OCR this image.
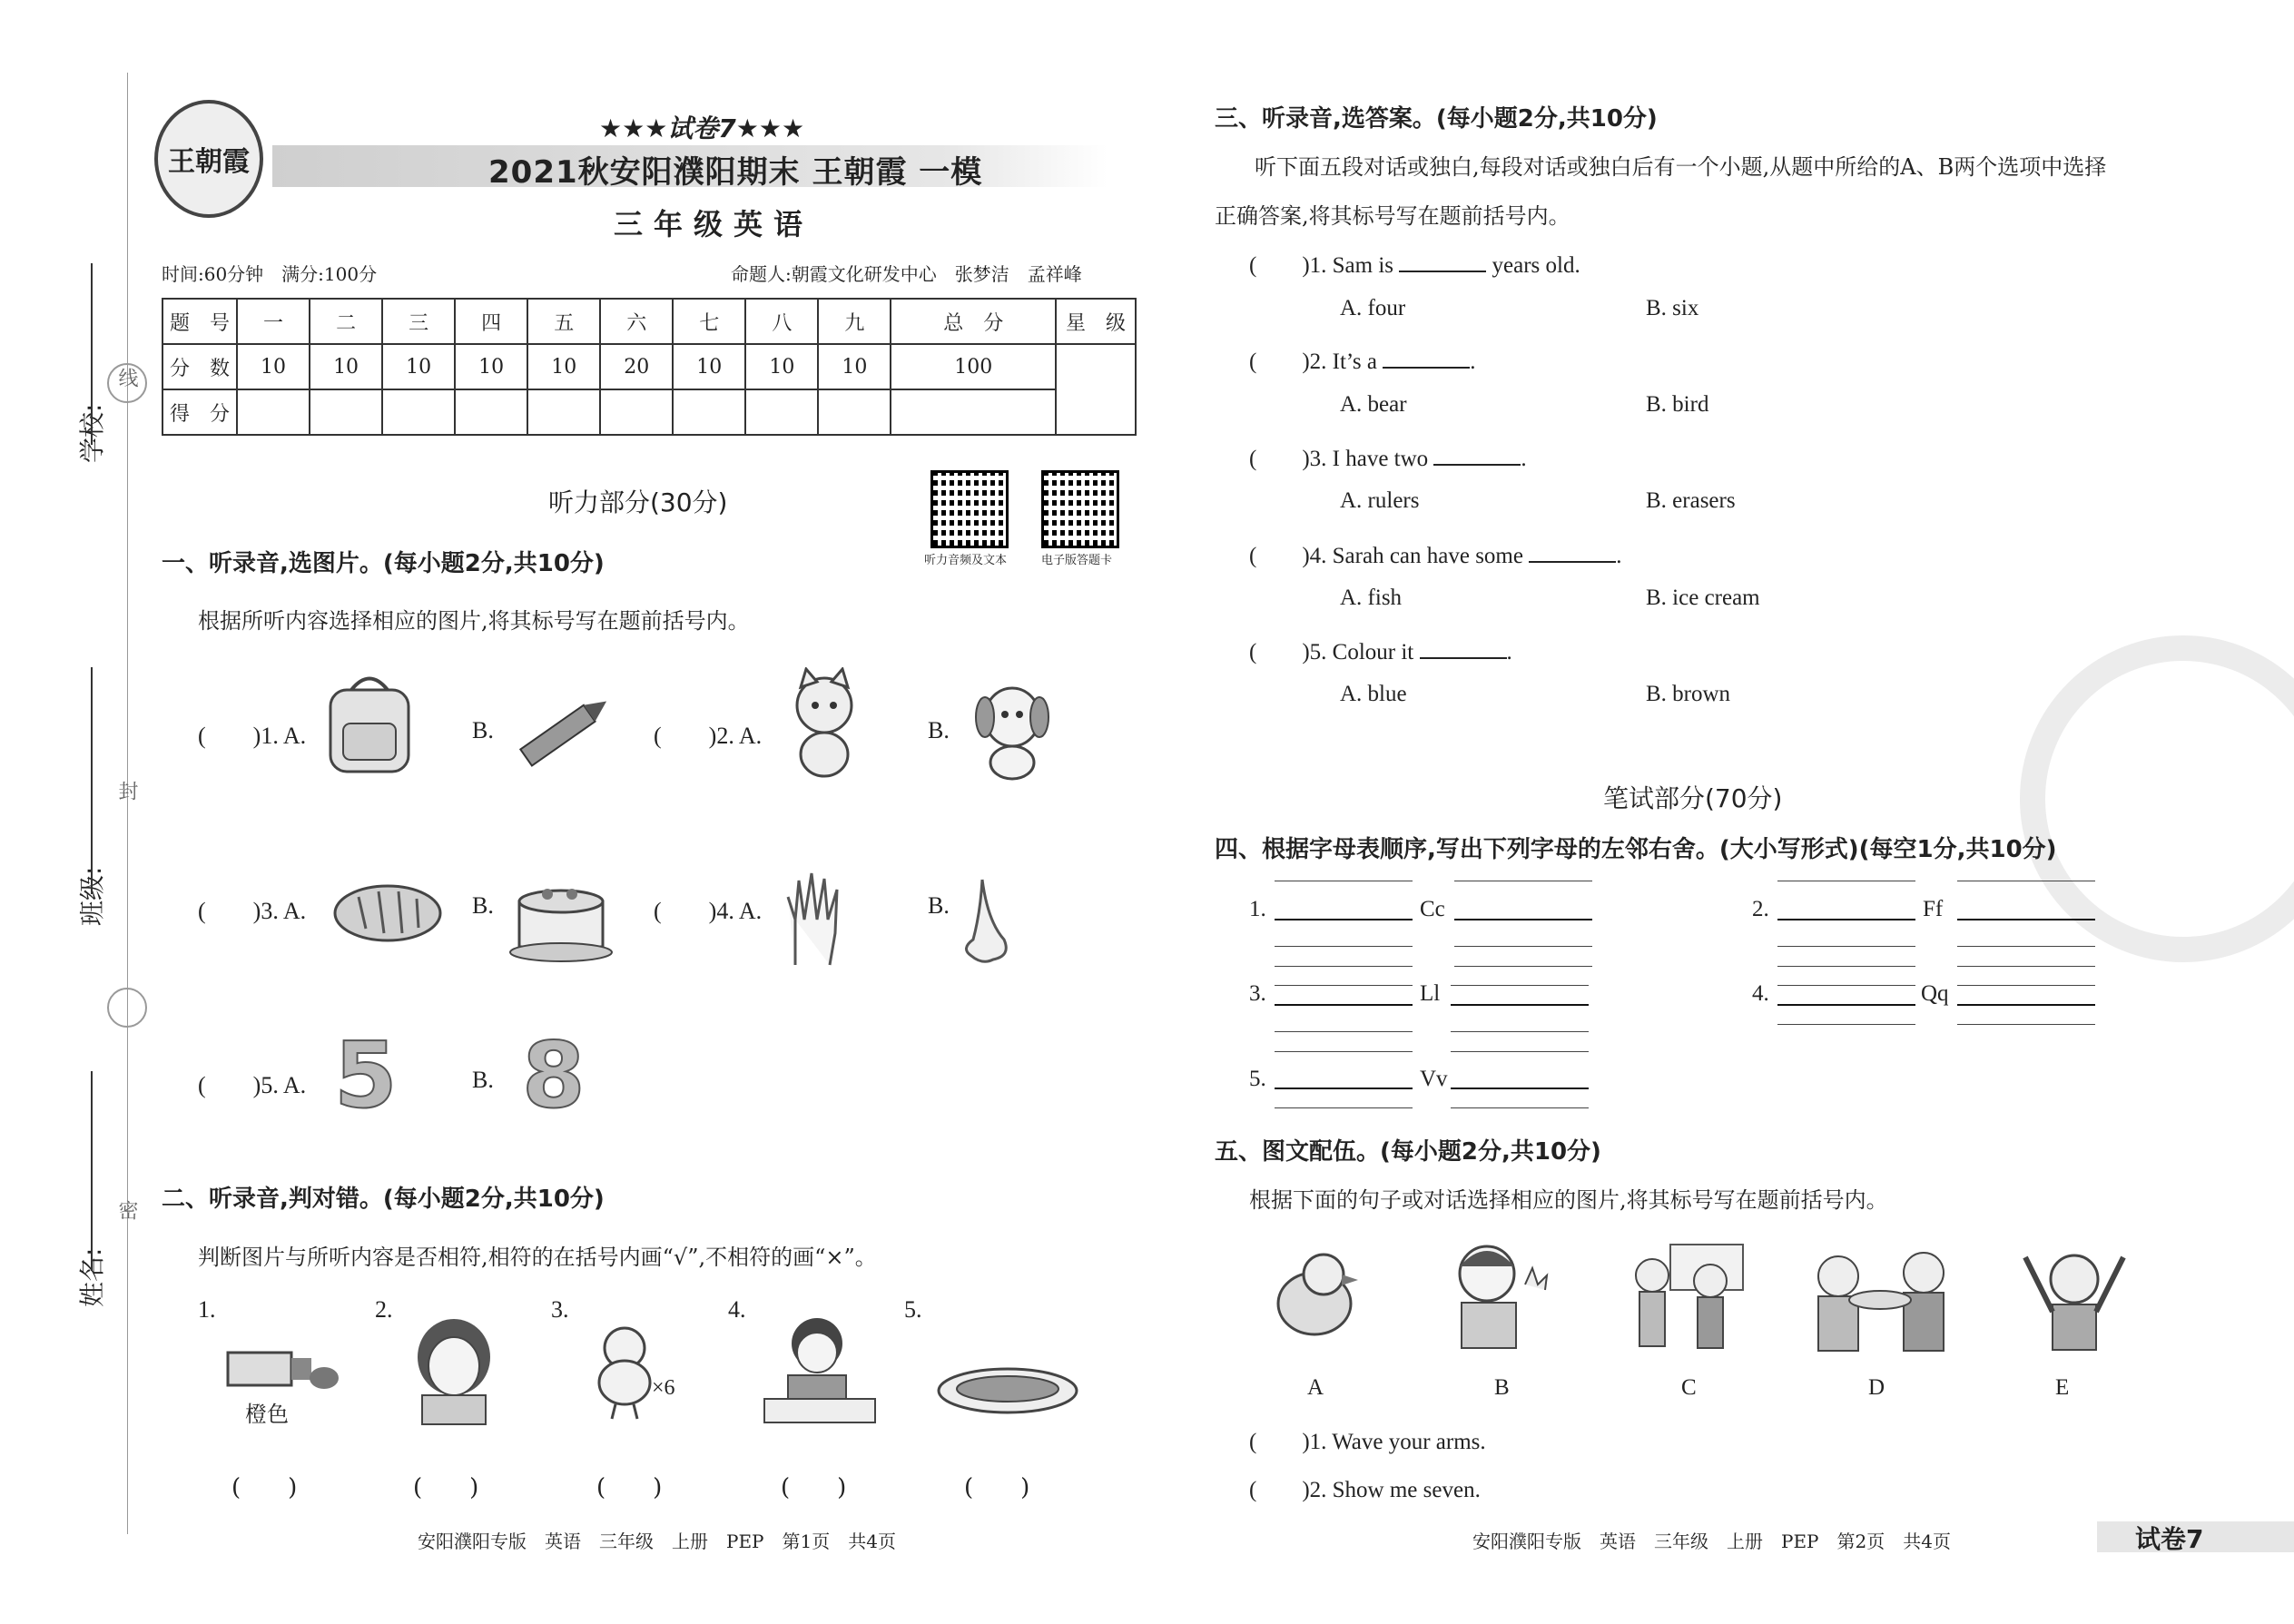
线
封
密
学校:
班级:
姓名:
王朝霞
★★★试卷7★★★
2021秋安阳濮阳期末 王朝霞 一模
三年级英语
时间:60分钟　满分:100分	命题人:朝霞文化研发中心　张梦洁　孟祥峰
题　号	一	二	三	四	五	六	七	八	九	总　分	星　级
分　数	10	10	10	10	10	20	10	10	10	100	
得　分											
听力音频及文本	电子版答题卡
听力部分(30分)
一、听录音,选图片。(每小题2分,共10分)
根据所听内容选择相应的图片,将其标号写在题前括号内。
(　　)1. A.	B.	(　　)2. A.	B.
(　　)3. A.	B.	(　　)4. A.	B.
(　　)5. A. 5	B. 8
二、听录音,判对错。(每小题2分,共10分)
判断图片与所听内容是否相符,相符的在括号内画“√”,不相符的画“×”。
1.
橙色
2.	3.
×6
4.	5.
(　　)	(　　)	(　　)	(　　)	(　　)
安阳濮阳专版　英语　三年级　上册　PEP　第1页　共4页
三、听录音,选答案。(每小题2分,共10分)
听下面五段对话或独白,每段对话或独白后有一个小题,从题中所给的A、B两个选项中选择
正确答案,将其标号写在题前括号内。
(　　)1. Sam is	years old.
A. four	B. six
(　　)2. It’s a	.
A. bear	B. bird
(　　)3. I have two	.
A. rulers	B. erasers
(　　)4. Sarah can have some	.
A. fish	B. ice cream
(　　)5. Colour it	.
A. blue	B. brown
笔试部分(70分)
四、根据字母表顺序,写出下列字母的左邻右舍。(大小写形式)(每空1分,共10分)
1.	Cc	2.	Ff
3.	Ll	4.	Qq
5.	Vv
五、图文配伍。(每小题2分,共10分)
根据下面的句子或对话选择相应的图片,将其标号写在题前括号内。
A	B	C	D	E
(　　)1. Wave your arms.
(　　)2. Show me seven.
安阳濮阳专版　英语　三年级　上册　PEP　第2页　共4页	试卷7
